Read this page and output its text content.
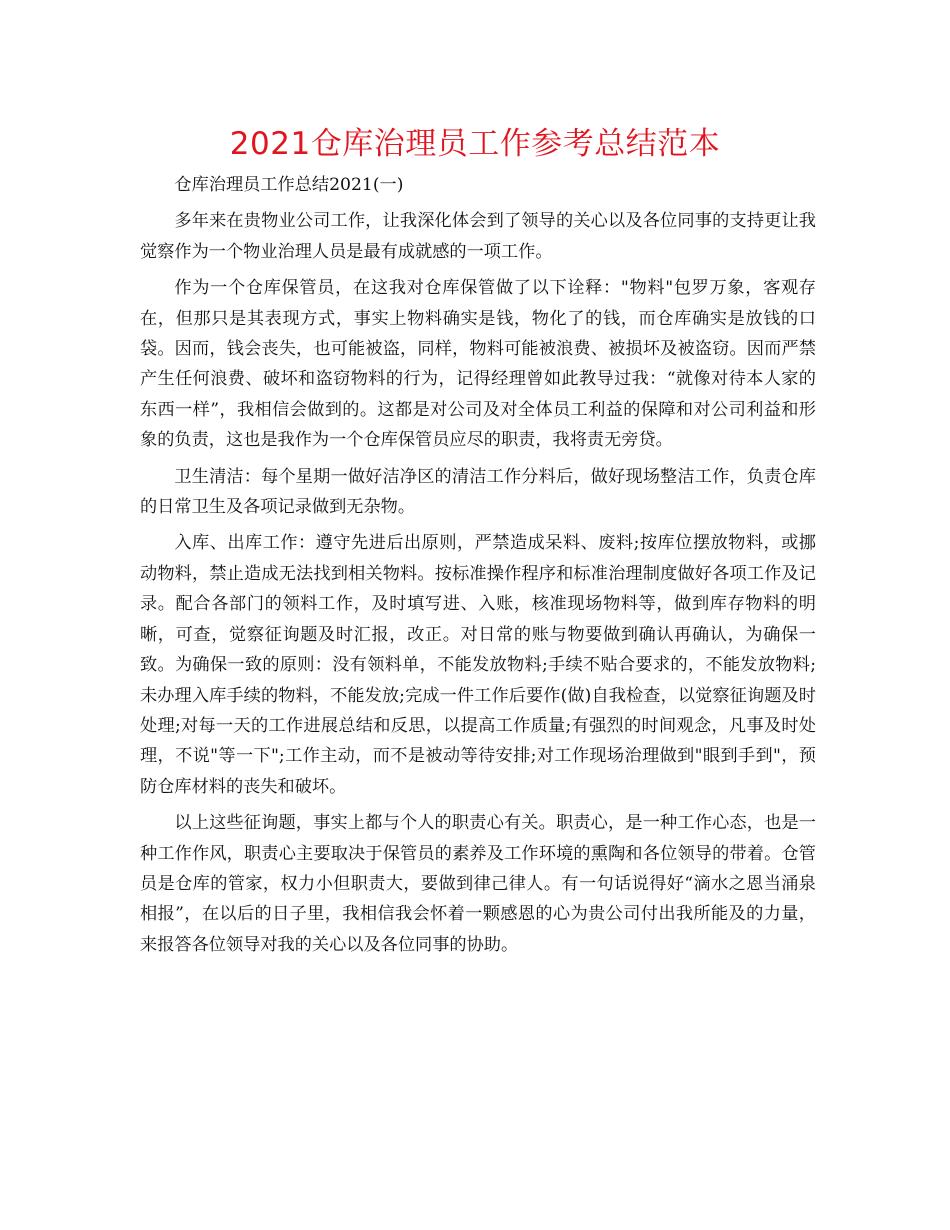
2021仓库治理员工作参考总结范本

仓库治理员工作总结2021(一)

多年来在贵物业公司工作，让我深化体会到了领导的关心以及各位同事的支持更让我觉察作为一个物业治理人员是最有成就感的一项工作。

作为一个仓库保管员，在这我对仓库保管做了以下诠释："物料"包罗万象，客观存在，但那只是其表现方式，事实上物料确实是钱，物化了的钱，而仓库确实是放钱的口袋。因而，钱会丧失，也可能被盗，同样，物料可能被浪费、被损坏及被盗窃。因而严禁产生任何浪费、破坏和盗窃物料的行为，记得经理曾如此教导过我：“就像对待本人家的东西一样”，我相信会做到的。这都是对公司及对全体员工利益的保障和对公司利益和形象的负责，这也是我作为一个仓库保管员应尽的职责，我将责无旁贷。

卫生清洁：每个星期一做好洁净区的清洁工作分料后，做好现场整洁工作，负责仓库的日常卫生及各项记录做到无杂物。

入库、出库工作：遵守先进后出原则，严禁造成呆料、废料;按库位摆放物料，或挪动物料，禁止造成无法找到相关物料。按标准操作程序和标准治理制度做好各项工作及记录。配合各部门的领料工作，及时填写进、入账，核准现场物料等，做到库存物料的明晰，可查，觉察征询题及时汇报，改正。对日常的账与物要做到确认再确认，为确保一致。为确保一致的原则：没有领料单，不能发放物料;手续不贴合要求的，不能发放物料;未办理入库手续的物料，不能发放;完成一件工作后要作(做)自我检查，以觉察征询题及时处理;对每一天的工作进展总结和反思，以提高工作质量;有强烈的时间观念，凡事及时处理，不说"等一下";工作主动，而不是被动等待安排;对工作现场治理做到"眼到手到"，预防仓库材料的丧失和破坏。

以上这些征询题，事实上都与个人的职责心有关。职责心，是一种工作心态，也是一种工作作风，职责心主要取决于保管员的素养及工作环境的熏陶和各位领导的带着。仓管员是仓库的管家，权力小但职责大，要做到律己律人。有一句话说得好“滴水之恩当涌泉相报”，在以后的日子里，我相信我会怀着一颗感恩的心为贵公司付出我所能及的力量，来报答各位领导对我的关心以及各位同事的协助。
